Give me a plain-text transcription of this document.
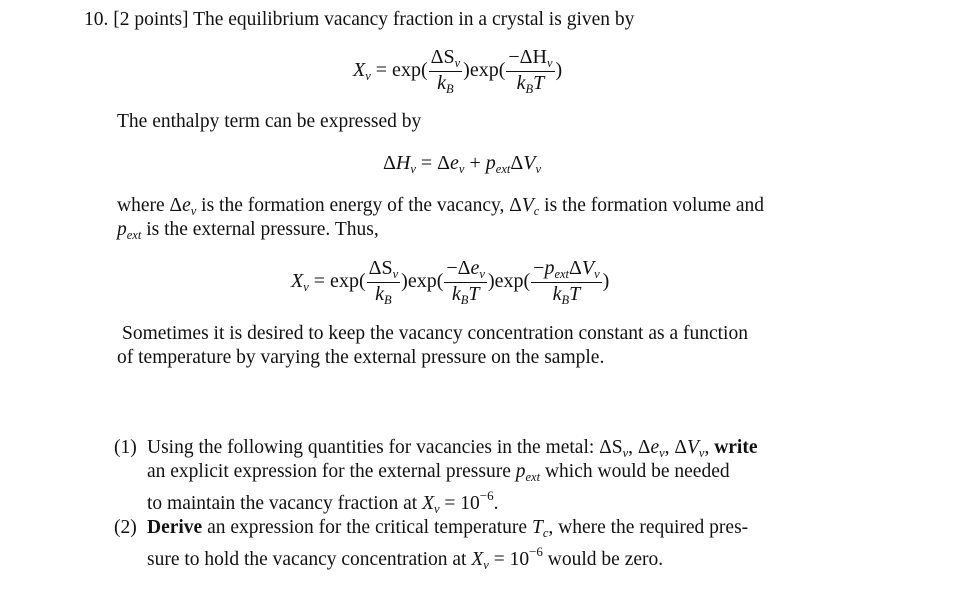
10. [2 points] The equilibrium vacancy fraction in a crystal is given by
$X_v = \exp( \frac{\Delta S_v}{k_B} )\exp( \frac{-\Delta H_v}{k_BT}$ )
The enthalpy term can be expressed by
$\Delta H_v = \Delta e_v + p_{ext}\Delta V_v$
where $\Delta e_v$ is the formation energy of the vacancy, $\Delta V_c$ is the formation volume and
$p_{ext}$ is the external pressure. Thus,
$X_v = \exp( \frac{\Delta S_v}{k_B} )\exp( \frac{-\Delta e_v}{k_BT} )\exp( \frac{-p_{ext}\Delta V_v}{k_BT}$ )
Sometimes it is desired to keep the vacancy concentration constant as a function
of temperature by varying the external pressure on the sample.
(1) Using the following quantities for vacancies in the metal: $\Delta S_v$, $\Delta e_v$, $\Delta V_v$, write
an explicit expression for the external pressure $p_{ext}$ which would be needed
to maintain the vacancy fraction at $X_v = 10^{-6}$.
(2) Derive an expression for the critical temperature $T_c$, where the required pres-
sure to hold the vacancy concentration at $X_v = 10^{-6}$ would be zero.
